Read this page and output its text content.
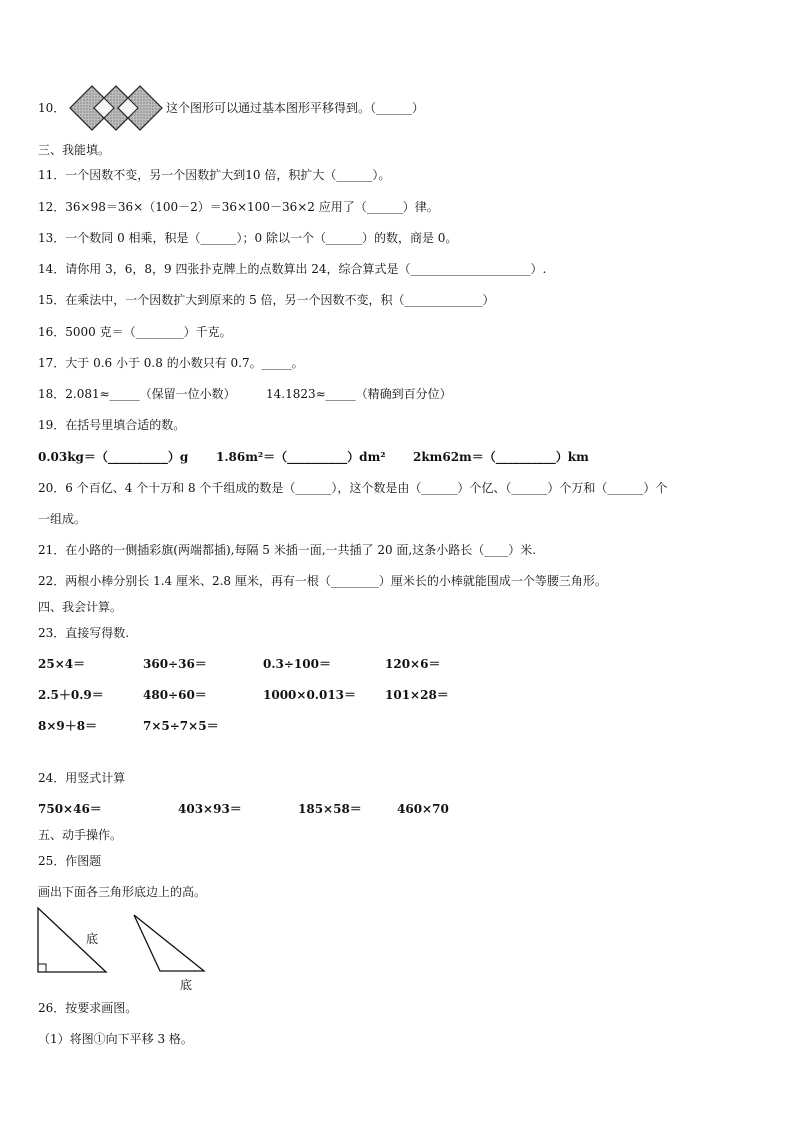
10．	这个图形可以通过基本图形平移得到。（______）
三、我能填。
11．一个因数不变，另一个因数扩大到10 倍，积扩大（______）。
12．36×98＝36×（100－2）＝36×100－36×2 应用了（______）律。
13．一个数同 0 相乘，积是（______）；0 除以一个（______）的数，商是 0。
14．请你用 3，6，8，9 四张扑克牌上的点数算出 24，综合算式是（____________________）.
15．在乘法中，一个因数扩大到原来的 5 倍，另一个因数不变，积（_____________）
16．5000 克＝（________）千克。
17．大于 0.6 小于 0.8 的小数只有 0.7。_____。
18．2.081≈_____（保留一位小数）	14.1823≈_____（精确到百分位）
19．在括号里填合适的数。
0.03kg＝（__________）g 1.86m²＝（__________）dm² 2km62m＝（__________）km
20．6 个百亿、4 个十万和 8 个千组成的数是（______），这个数是由（______）个亿、（______）个万和（______）个
一组成。
21．在小路的一侧插彩旗(两端都插),每隔 5 米插一面,一共插了 20 面,这条小路长（____）米.
22．两根小棒分别长 1.4 厘米、2.8 厘米，再有一根（________）厘米长的小棒就能围成一个等腰三角形。
四、我会计算。
23．直接写得数.
25×4＝	360÷36＝	0.3÷100＝	120×6＝
2.5＋0.9＝	480÷60＝	1000×0.013＝ 101×28＝
8×9＋8＝	7×5÷7×5＝
24．用竖式计算
750×46＝	403×93＝	185×58＝	460×70
五、动手操作。
25．作图题
画出下面各三角形底边上的高。
底
底
26．按要求画图。
（1）将图①向下平移 3 格。
